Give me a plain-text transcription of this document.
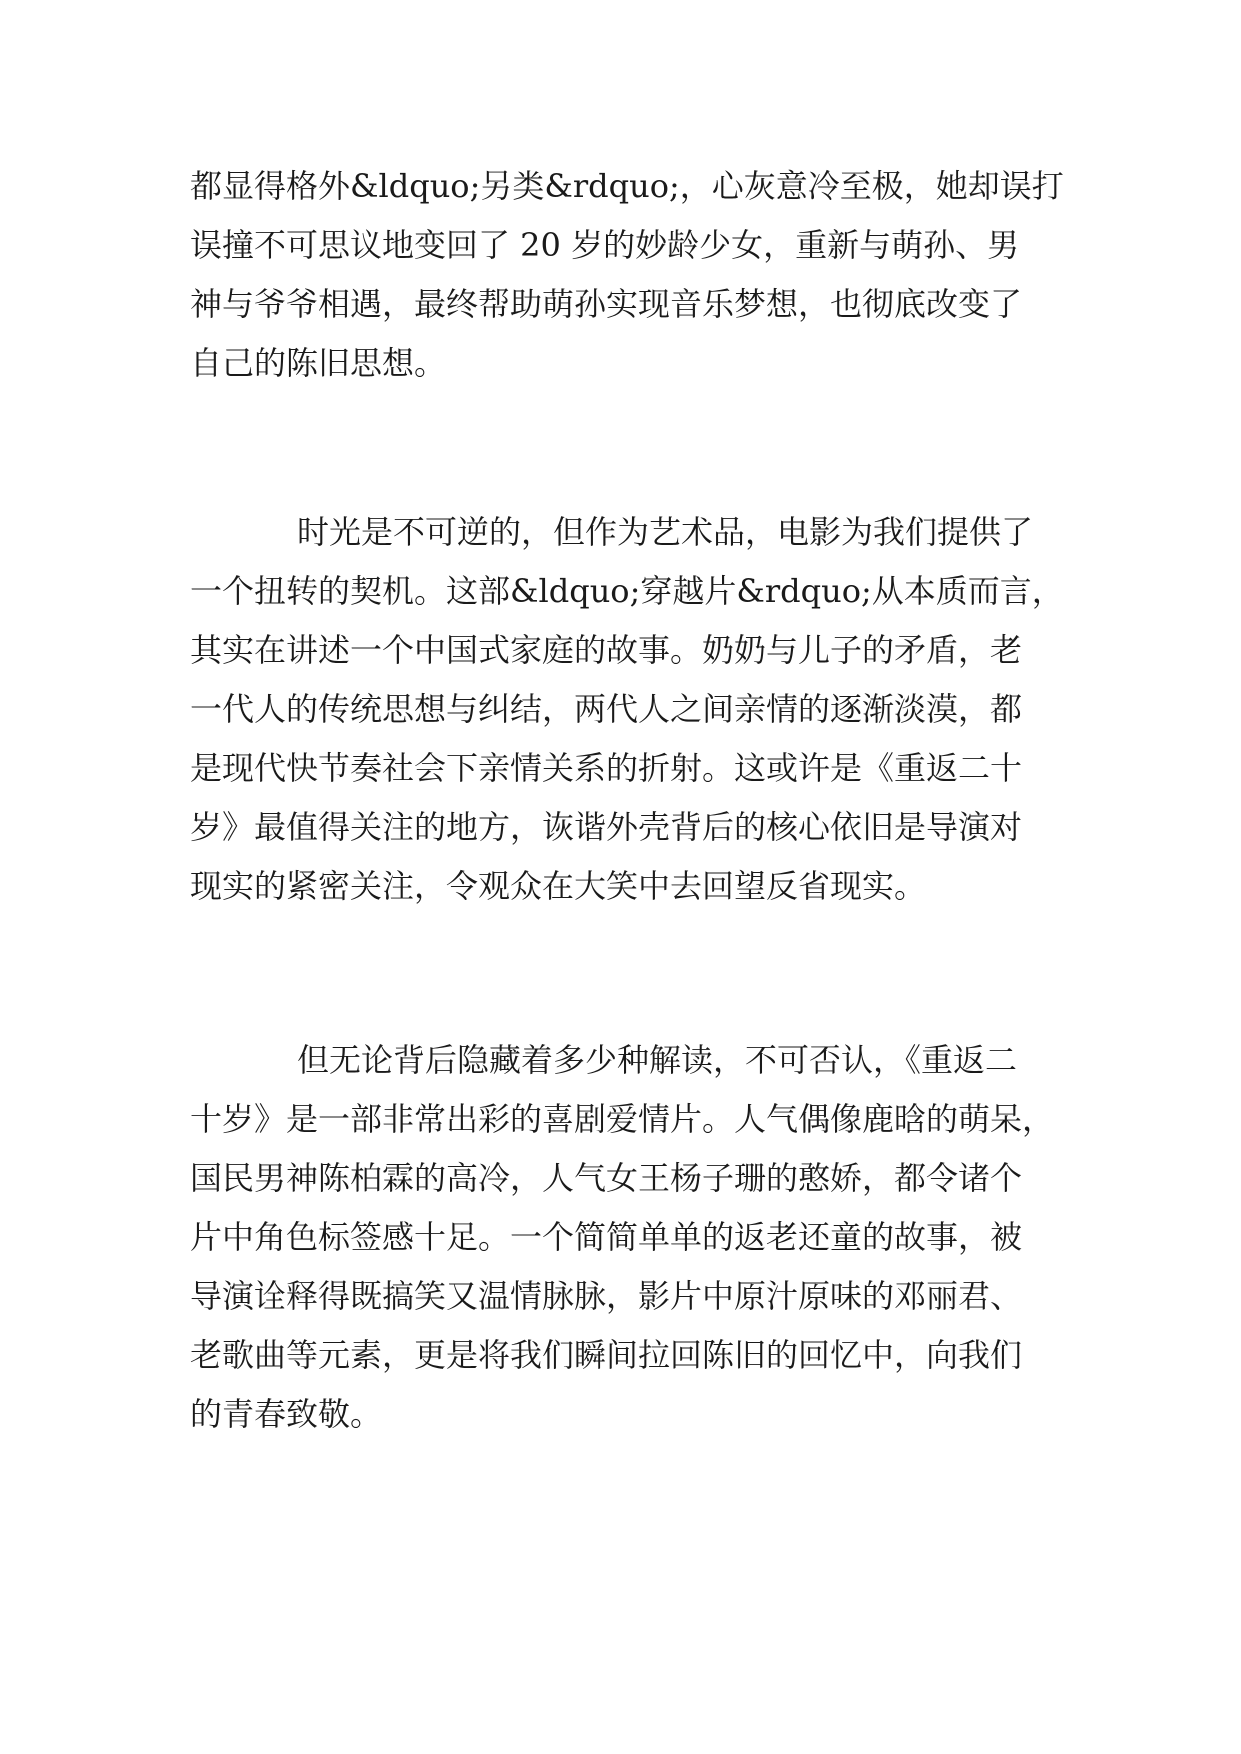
都显得格外&ldquo;另类&rdquo;，心灰意冷至极，她却误打
误撞不可思议地变回了 20 岁的妙龄少女，重新与萌孙、男
神与爷爷相遇，最终帮助萌孙实现音乐梦想，也彻底改变了
自己的陈旧思想。
时光是不可逆的，但作为艺术品，电影为我们提供了
一个扭转的契机。这部&ldquo;穿越片&rdquo;从本质而言，
其实在讲述一个中国式家庭的故事。奶奶与儿子的矛盾，老
一代人的传统思想与纠结，两代人之间亲情的逐渐淡漠，都
是现代快节奏社会下亲情关系的折射。这或许是《重返二十
岁》最值得关注的地方，诙谐外壳背后的核心依旧是导演对
现实的紧密关注，令观众在大笑中去回望反省现实。
但无论背后隐藏着多少种解读，不可否认，《重返二
十岁》是一部非常出彩的喜剧爱情片。人气偶像鹿晗的萌呆，
国民男神陈柏霖的高冷，人气女王杨子珊的憨娇，都令诸个
片中角色标签感十足。一个简简单单的返老还童的故事，被
导演诠释得既搞笑又温情脉脉，影片中原汁原味的邓丽君、
老歌曲等元素，更是将我们瞬间拉回陈旧的回忆中，向我们
的青春致敬。
